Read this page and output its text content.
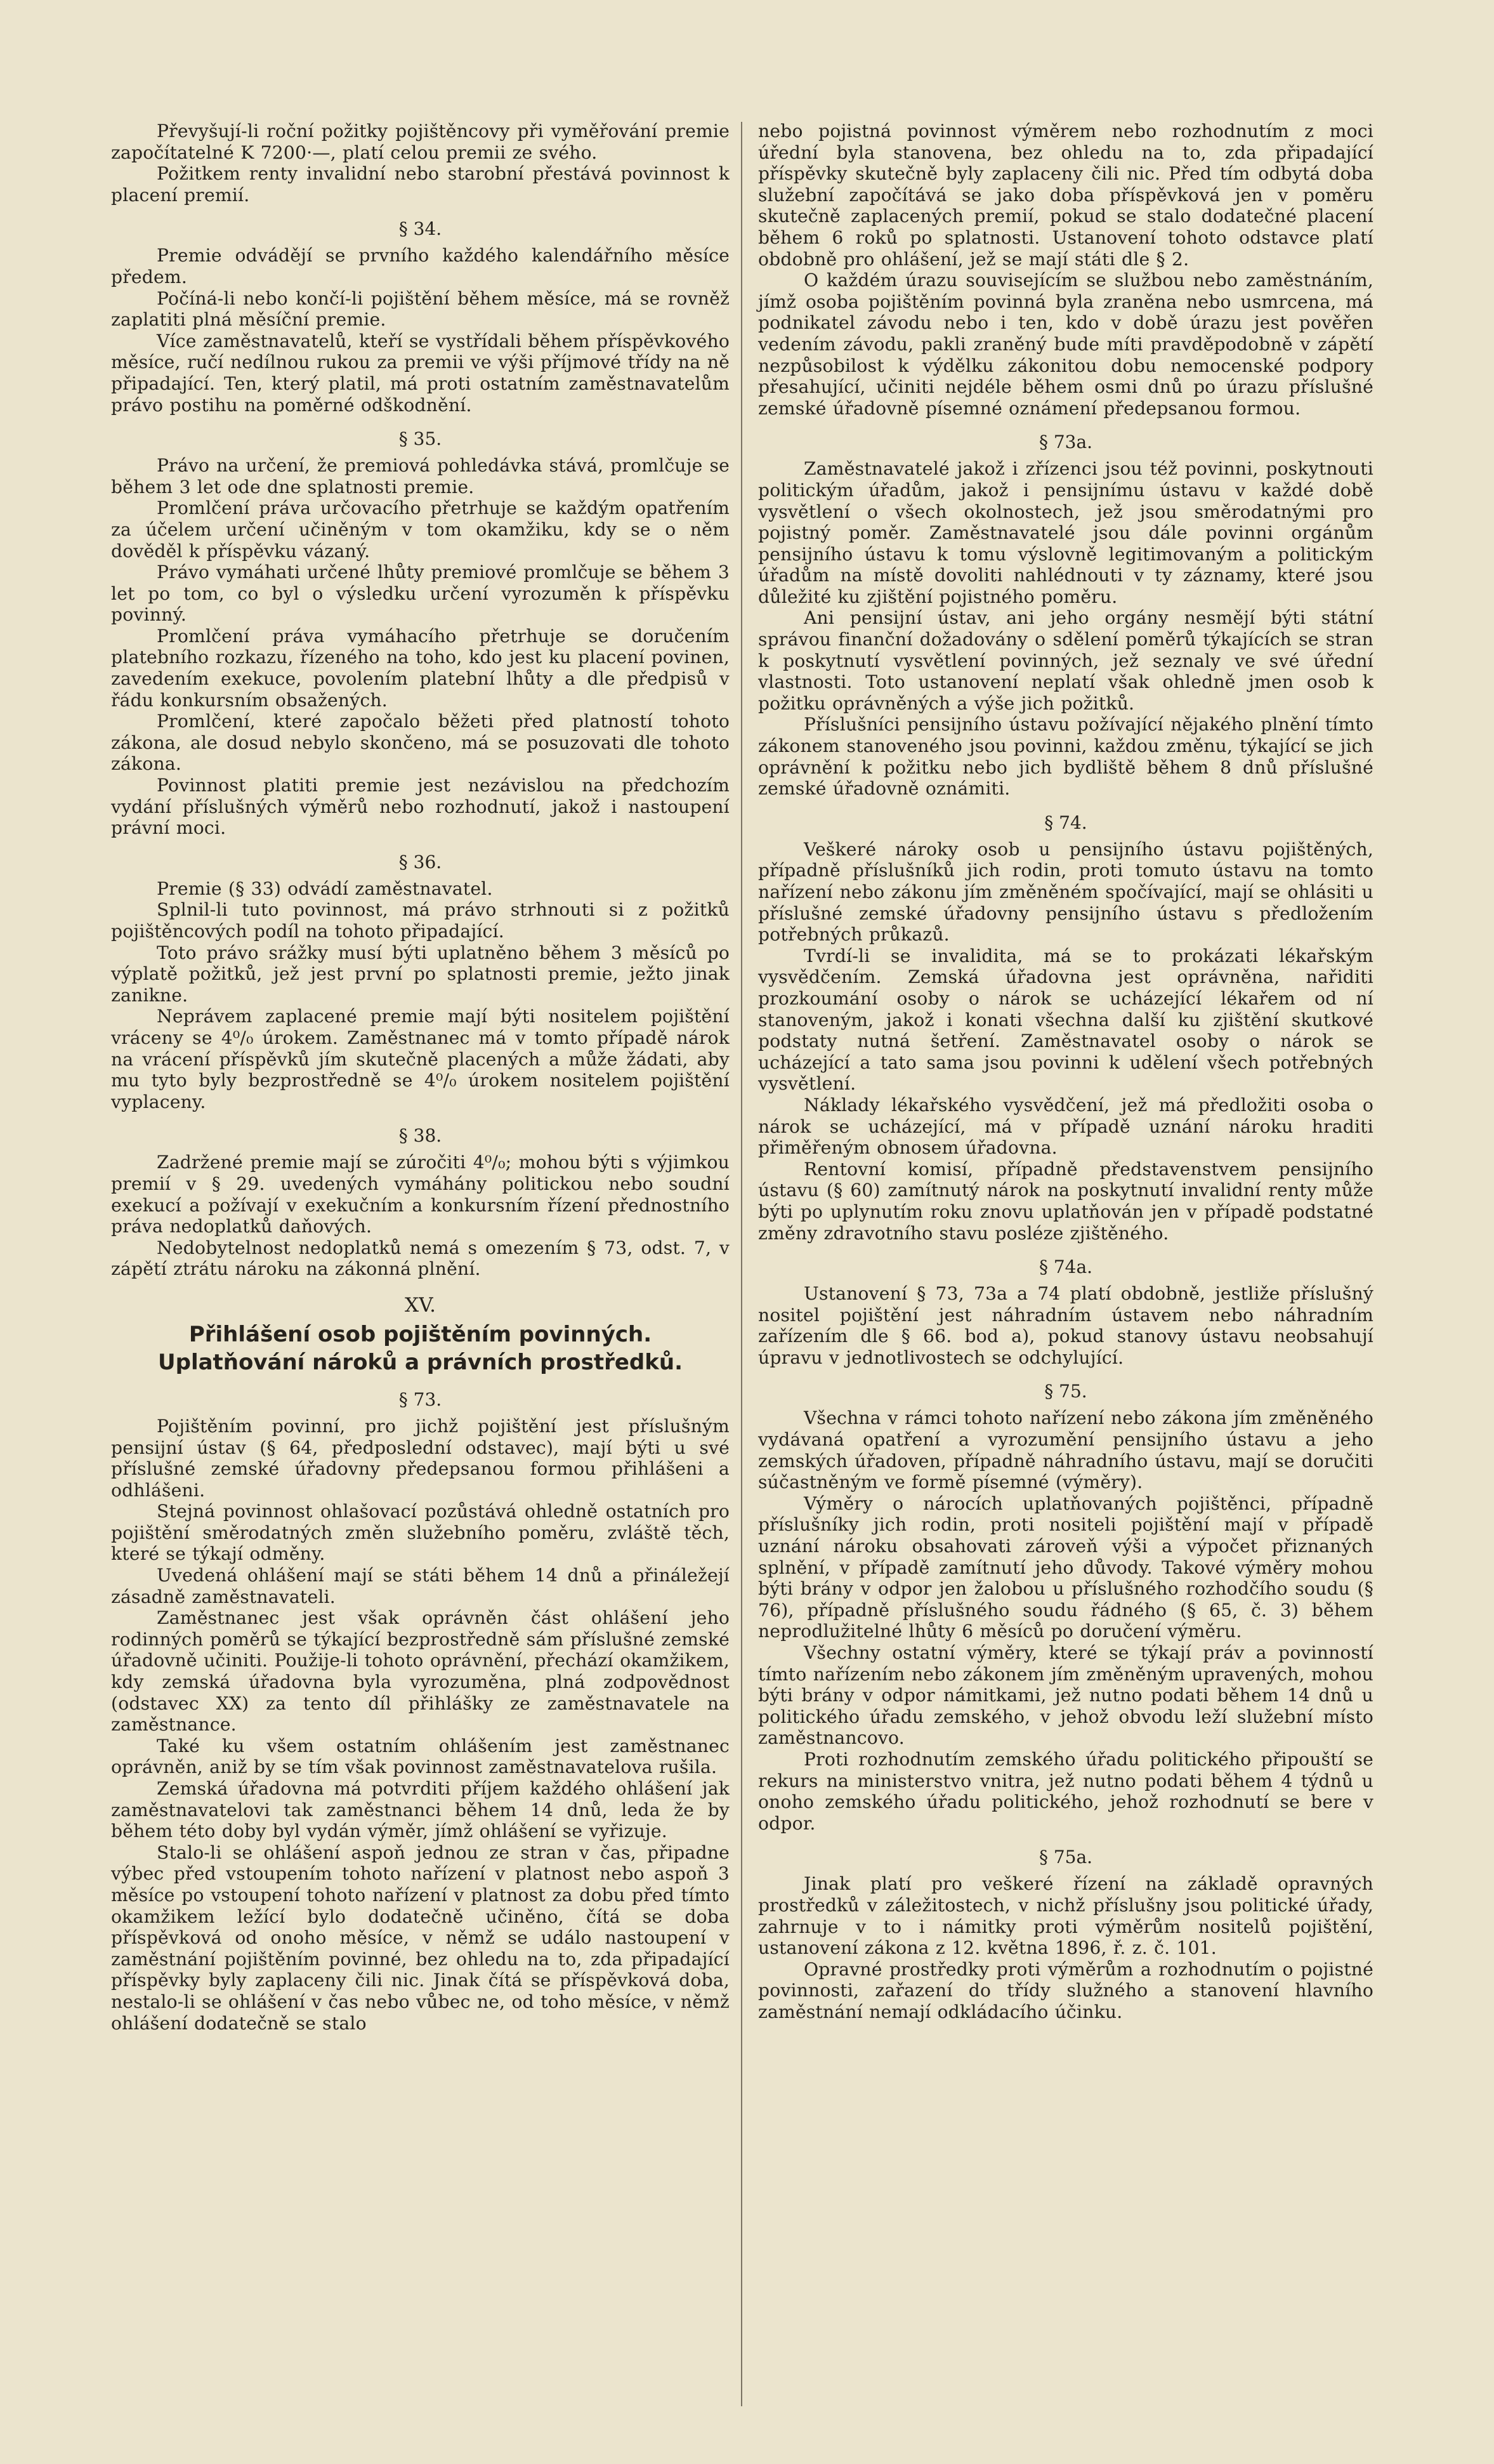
Převyšují-li roční požitky pojištěncovy při vyměřování premie započítatelné K 7200·—, platí celou premii ze svého.

Požitkem renty invalidní nebo starobní přestává povinnost k placení premií.

§ 34.

Premie odvádějí se prvního každého kalendářního měsíce předem.

Počíná-li nebo končí-li pojištění během měsíce, má se rovněž zaplatiti plná měsíční premie.

Více zaměstnavatelů, kteří se vystřídali během příspěvkového měsíce, ručí nedílnou rukou za premii ve výši příjmové třídy na ně připadající. Ten, který platil, má proti ostatním zaměstnavatelům právo postihu na poměrné odškodnění.

§ 35.

Právo na určení, že premiová pohledávka stává, promlčuje se během 3 let ode dne splatnosti premie.

Promlčení práva určovacího přetrhuje se každým opatřením za účelem určení učiněným v tom okamžiku, kdy se o něm dověděl k příspěvku vázaný.

Právo vymáhati určené lhůty premiové promlčuje se během 3 let po tom, co byl o výsledku určení vyrozuměn k příspěvku povinný.

Promlčení práva vymáhacího přetrhuje se doručením platebního rozkazu, řízeného na toho, kdo jest ku placení povinen, zavedením exekuce, povolením platební lhůty a dle předpisů v řádu konkursním obsažených.

Promlčení, které započalo běžeti před platností tohoto zákona, ale dosud nebylo skončeno, má se posuzovati dle tohoto zákona.

Povinnost platiti premie jest nezávislou na předchozím vydání příslušných výměrů nebo rozhodnutí, jakož i nastoupení právní moci.

§ 36.

Premie (§ 33) odvádí zaměstnavatel.

Splnil-li tuto povinnost, má právo strhnouti si z požitků pojištěncových podíl na tohoto připadající.

Toto právo srážky musí býti uplatněno během 3 měsíců po výplatě požitků, jež jest první po splatnosti premie, ježto jinak zanikne.

Neprávem zaplacené premie mají býti nositelem pojištění vráceny se 4⁰/₀ úrokem. Zaměstnanec má v tomto případě nárok na vrácení příspěvků jím skutečně placených a může žádati, aby mu tyto byly bezprostředně se 4⁰/₀ úrokem nositelem pojištění vyplaceny.

§ 38.

Zadržené premie mají se zúročiti 4⁰/₀; mohou býti s výjimkou premií v § 29. uvedených vymáhány politickou nebo soudní exekucí a požívají v exekučním a konkursním řízení přednostního práva nedoplatků daňových.

Nedobytelnost nedoplatků nemá s omezením § 73, odst. 7, v zápětí ztrátu nároku na zákonná plnění.

XV.
Přihlášení osob pojištěním povinných. Uplatňování nároků a právních prostředků.
§ 73.

Pojištěním povinní, pro jichž pojištění jest příslušným pensijní ústav (§ 64, předposlední odstavec), mají býti u své příslušné zemské úřadovny předepsanou formou přihlášeni a odhlášeni.

Stejná povinnost ohlašovací pozůstává ohledně ostatních pro pojištění směrodatných změn služebního poměru, zvláště těch, které se týkají odměny.

Uvedená ohlášení mají se státi během 14 dnů a přináležejí zásadně zaměstnavateli.

Zaměstnanec jest však oprávněn část ohlášení jeho rodinných poměrů se týkající bezprostředně sám příslušné zemské úřadovně učiniti. Použije-li tohoto oprávnění, přechází okamžikem, kdy zemská úřadovna byla vyrozuměna, plná zodpovědnost (odstavec XX) za tento díl přihlášky ze zaměstnavatele na zaměstnance.

Také ku všem ostatním ohlášením jest zaměstnanec oprávněn, aniž by se tím však povinnost zaměstnavatelova rušila.

Zemská úřadovna má potvrditi příjem každého ohlášení jak zaměstnavatelovi tak zaměstnanci během 14 dnů, leda že by během této doby byl vydán výměr, jímž ohlášení se vyřizuje.

Stalo-li se ohlášení aspoň jednou ze stran v čas, připadne výbec před vstoupením tohoto nařízení v platnost nebo aspoň 3 měsíce po vstoupení tohoto nařízení v platnost za dobu před tímto okamžikem ležící bylo dodatečně učiněno, čítá se doba příspěvková od onoho měsíce, v němž se událo nastoupení v zaměstnání pojištěním povinné, bez ohledu na to, zda připadající příspěvky byly zaplaceny čili nic. Jinak čítá se příspěvková doba, nestalo-li se ohlášení v čas nebo vůbec ne, od toho měsíce, v němž ohlášení dodatečně se stalo

nebo pojistná povinnost výměrem nebo rozhodnutím z moci úřední byla stanovena, bez ohledu na to, zda připadající příspěvky skutečně byly zaplaceny čili nic. Před tím odbytá doba služební započítává se jako doba příspěvková jen v poměru skutečně zaplacených premií, pokud se stalo dodatečné placení během 6 roků po splatnosti. Ustanovení tohoto odstavce platí obdobně pro ohlášení, jež se mají státi dle § 2.

O každém úrazu souvisejícím se službou nebo zaměstnáním, jímž osoba pojištěním povinná byla zraněna nebo usmrcena, má podnikatel závodu nebo i ten, kdo v době úrazu jest pověřen vedením závodu, pakli zraněný bude míti pravděpodobně v zápětí nezpůsobilost k výdělku zákonitou dobu nemocenské podpory přesahující, učiniti nejdéle během osmi dnů po úrazu příslušné zemské úřadovně písemné oznámení předepsanou formou.

§ 73a.

Zaměstnavatelé jakož i zřízenci jsou též povinni, poskytnouti politickým úřadům, jakož i pensijnímu ústavu v každé době vysvětlení o všech okolnostech, jež jsou směrodatnými pro pojistný poměr. Zaměstnavatelé jsou dále povinni orgánům pensijního ústavu k tomu výslovně legitimovaným a politickým úřadům na místě dovoliti nahlédnouti v ty záznamy, které jsou důležité ku zjištění pojistného poměru.

Ani pensijní ústav, ani jeho orgány nesmějí býti státní správou finanční dožadovány o sdělení poměrů týkajících se stran k poskytnutí vysvětlení povinných, jež seznaly ve své úřední vlastnosti. Toto ustanovení neplatí však ohledně jmen osob k požitku oprávněných a výše jich požitků.

Příslušníci pensijního ústavu požívající nějakého plnění tímto zákonem stanoveného jsou povinni, každou změnu, týkající se jich oprávnění k požitku nebo jich bydliště během 8 dnů příslušné zemské úřadovně oznámiti.

§ 74.

Veškeré nároky osob u pensijního ústavu pojištěných, případně příslušníků jich rodin, proti tomuto ústavu na tomto nařízení nebo zákonu jím změněném spočívající, mají se ohlásiti u příslušné zemské úřadovny pensijního ústavu s předložením potřebných průkazů.

Tvrdí-li se invalidita, má se to prokázati lékařským vysvědčením. Zemská úřadovna jest oprávněna, nařiditi prozkoumání osoby o nárok se ucházející lékařem od ní stanoveným, jakož i konati všechna další ku zjištění skutkové podstaty nutná šetření. Zaměstnavatel osoby o nárok se ucházející a tato sama jsou povinni k udělení všech potřebných vysvětlení.

Náklady lékařského vysvědčení, jež má předložiti osoba o nárok se ucházející, má v případě uznání nároku hraditi přiměřeným obnosem úřadovna.

Rentovní komisí, případně představenstvem pensijního ústavu (§ 60) zamítnutý nárok na poskytnutí invalidní renty může býti po uplynutím roku znovu uplatňován jen v případě podstatné změny zdravotního stavu posléze zjištěného.

§ 74a.

Ustanovení § 73, 73a a 74 platí obdobně, jestliže příslušný nositel pojištění jest náhradním ústavem nebo náhradním zařízením dle § 66. bod a), pokud stanovy ústavu neobsahují úpravu v jednotlivostech se odchylující.

§ 75.

Všechna v rámci tohoto nařízení nebo zákona jím změněného vydávaná opatření a vyrozumění pensijního ústavu a jeho zemských úřadoven, případně náhradního ústavu, mají se doručiti súčastněným ve formě písemné (výměry).

Výměry o nárocích uplatňovaných pojištěnci, případně příslušníky jich rodin, proti nositeli pojištění mají v případě uznání nároku obsahovati zároveň výši a výpočet přiznaných splnění, v případě zamítnutí jeho důvody. Takové výměry mohou býti brány v odpor jen žalobou u příslušného rozhodčího soudu (§ 76), případně příslušného soudu řádného (§ 65, č. 3) během neprodlužitelné lhůty 6 měsíců po doručení výměru.

Všechny ostatní výměry, které se týkají práv a povinností tímto nařízením nebo zákonem jím změněným upravených, mohou býti brány v odpor námitkami, jež nutno podati během 14 dnů u politického úřadu zemského, v jehož obvodu leží služební místo zaměstnancovo.

Proti rozhodnutím zemského úřadu politického připouští se rekurs na ministerstvo vnitra, jež nutno podati během 4 týdnů u onoho zemského úřadu politického, jehož rozhodnutí se bere v odpor.

§ 75a.

Jinak platí pro veškeré řízení na základě opravných prostředků v záležitostech, v nichž příslušny jsou politické úřady, zahrnuje v to i námitky proti výměrům nositelů pojištění, ustanovení zákona z 12. května 1896, ř. z. č. 101.

Opravné prostředky proti výměrům a rozhodnutím o pojistné povinnosti, zařazení do třídy služného a stanovení hlavního zaměstnání nemají odkládacího účinku.
